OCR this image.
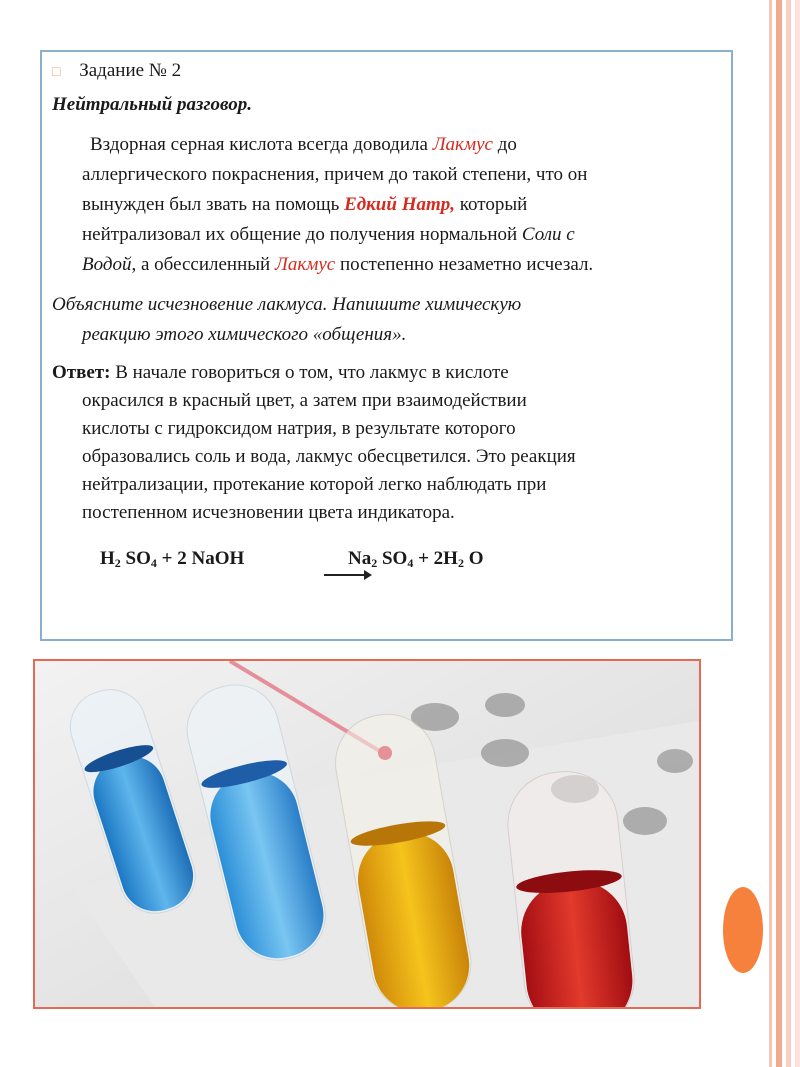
□ Задание № 2
Нейтральный разговор.
Вздорная серная кислота всегда доводила Лакмус до
аллергического покраснения, причем до такой степени, что он
вынужден был звать на помощь Едкий Натр, который
нейтрализовал их общение до получения нормальной Соли с
Водой, а обессиленный Лакмус постепенно незаметно исчезал.
Объясните исчезновение лакмуса. Напишите химическую
реакцию этого химического «общения».
Ответ: В начале говориться о том, что лакмус в кислоте
окрасился в красный цвет, а затем при взаимодействии
кислоты с гидроксидом натрия, в результате которого
образовались соль и вода, лакмус обесцветился. Это реакция
нейтрализации, протекание которой легко наблюдать при
постепенном исчезновении цвета индикатора.
$H_2$ $SO_4 + 2$ NaOH	$Na_2$ $SO_4 + 2H_2$ O
